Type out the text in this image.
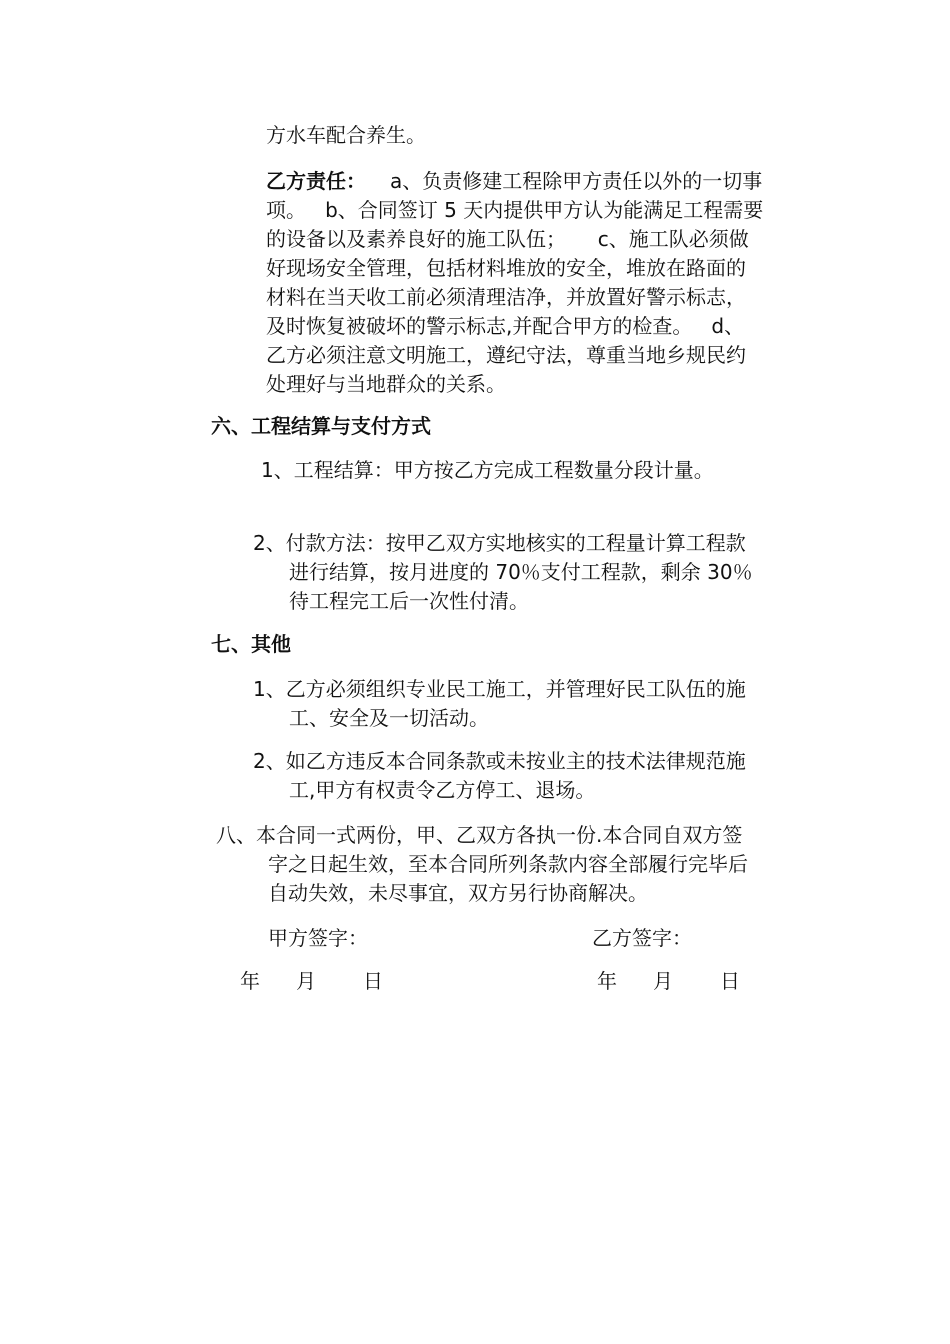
方水车配合养生。
乙方责任： a、负责修建工程除甲方责任以外的一切事
项。   b、合同签订 5 天内提供甲方认为能满足工程需要
的设备以及素养良好的施工队伍；     c、施工队必须做
好现场安全管理，包括材料堆放的安全，堆放在路面的
材料在当天收工前必须清理洁净，并放置好警示标志，
及时恢复被破坏的警示标志,并配合甲方的检查。   d、
乙方必须注意文明施工，遵纪守法，尊重当地乡规民约
处理好与当地群众的关系。
六、工程结算与支付方式
1、工程结算：甲方按乙方完成工程数量分段计量。
2、付款方法：按甲乙双方实地核实的工程量计算工程款
进行结算，按月进度的 70％支付工程款，剩余 30％
待工程完工后一次性付清。
七、其他
1、乙方必须组织专业民工施工，并管理好民工队伍的施
工、安全及一切活动。
2、如乙方违反本合同条款或未按业主的技术法律规范施
工,甲方有权责令乙方停工、退场。
八、本合同一式两份，甲、乙双方各执一份.本合同自双方签
字之日起生效，至本合同所列条款内容全部履行完毕后
自动失效，未尽事宜，双方另行协商解决。
甲方签字：	乙方签字：
年 月 日	年 月 日
